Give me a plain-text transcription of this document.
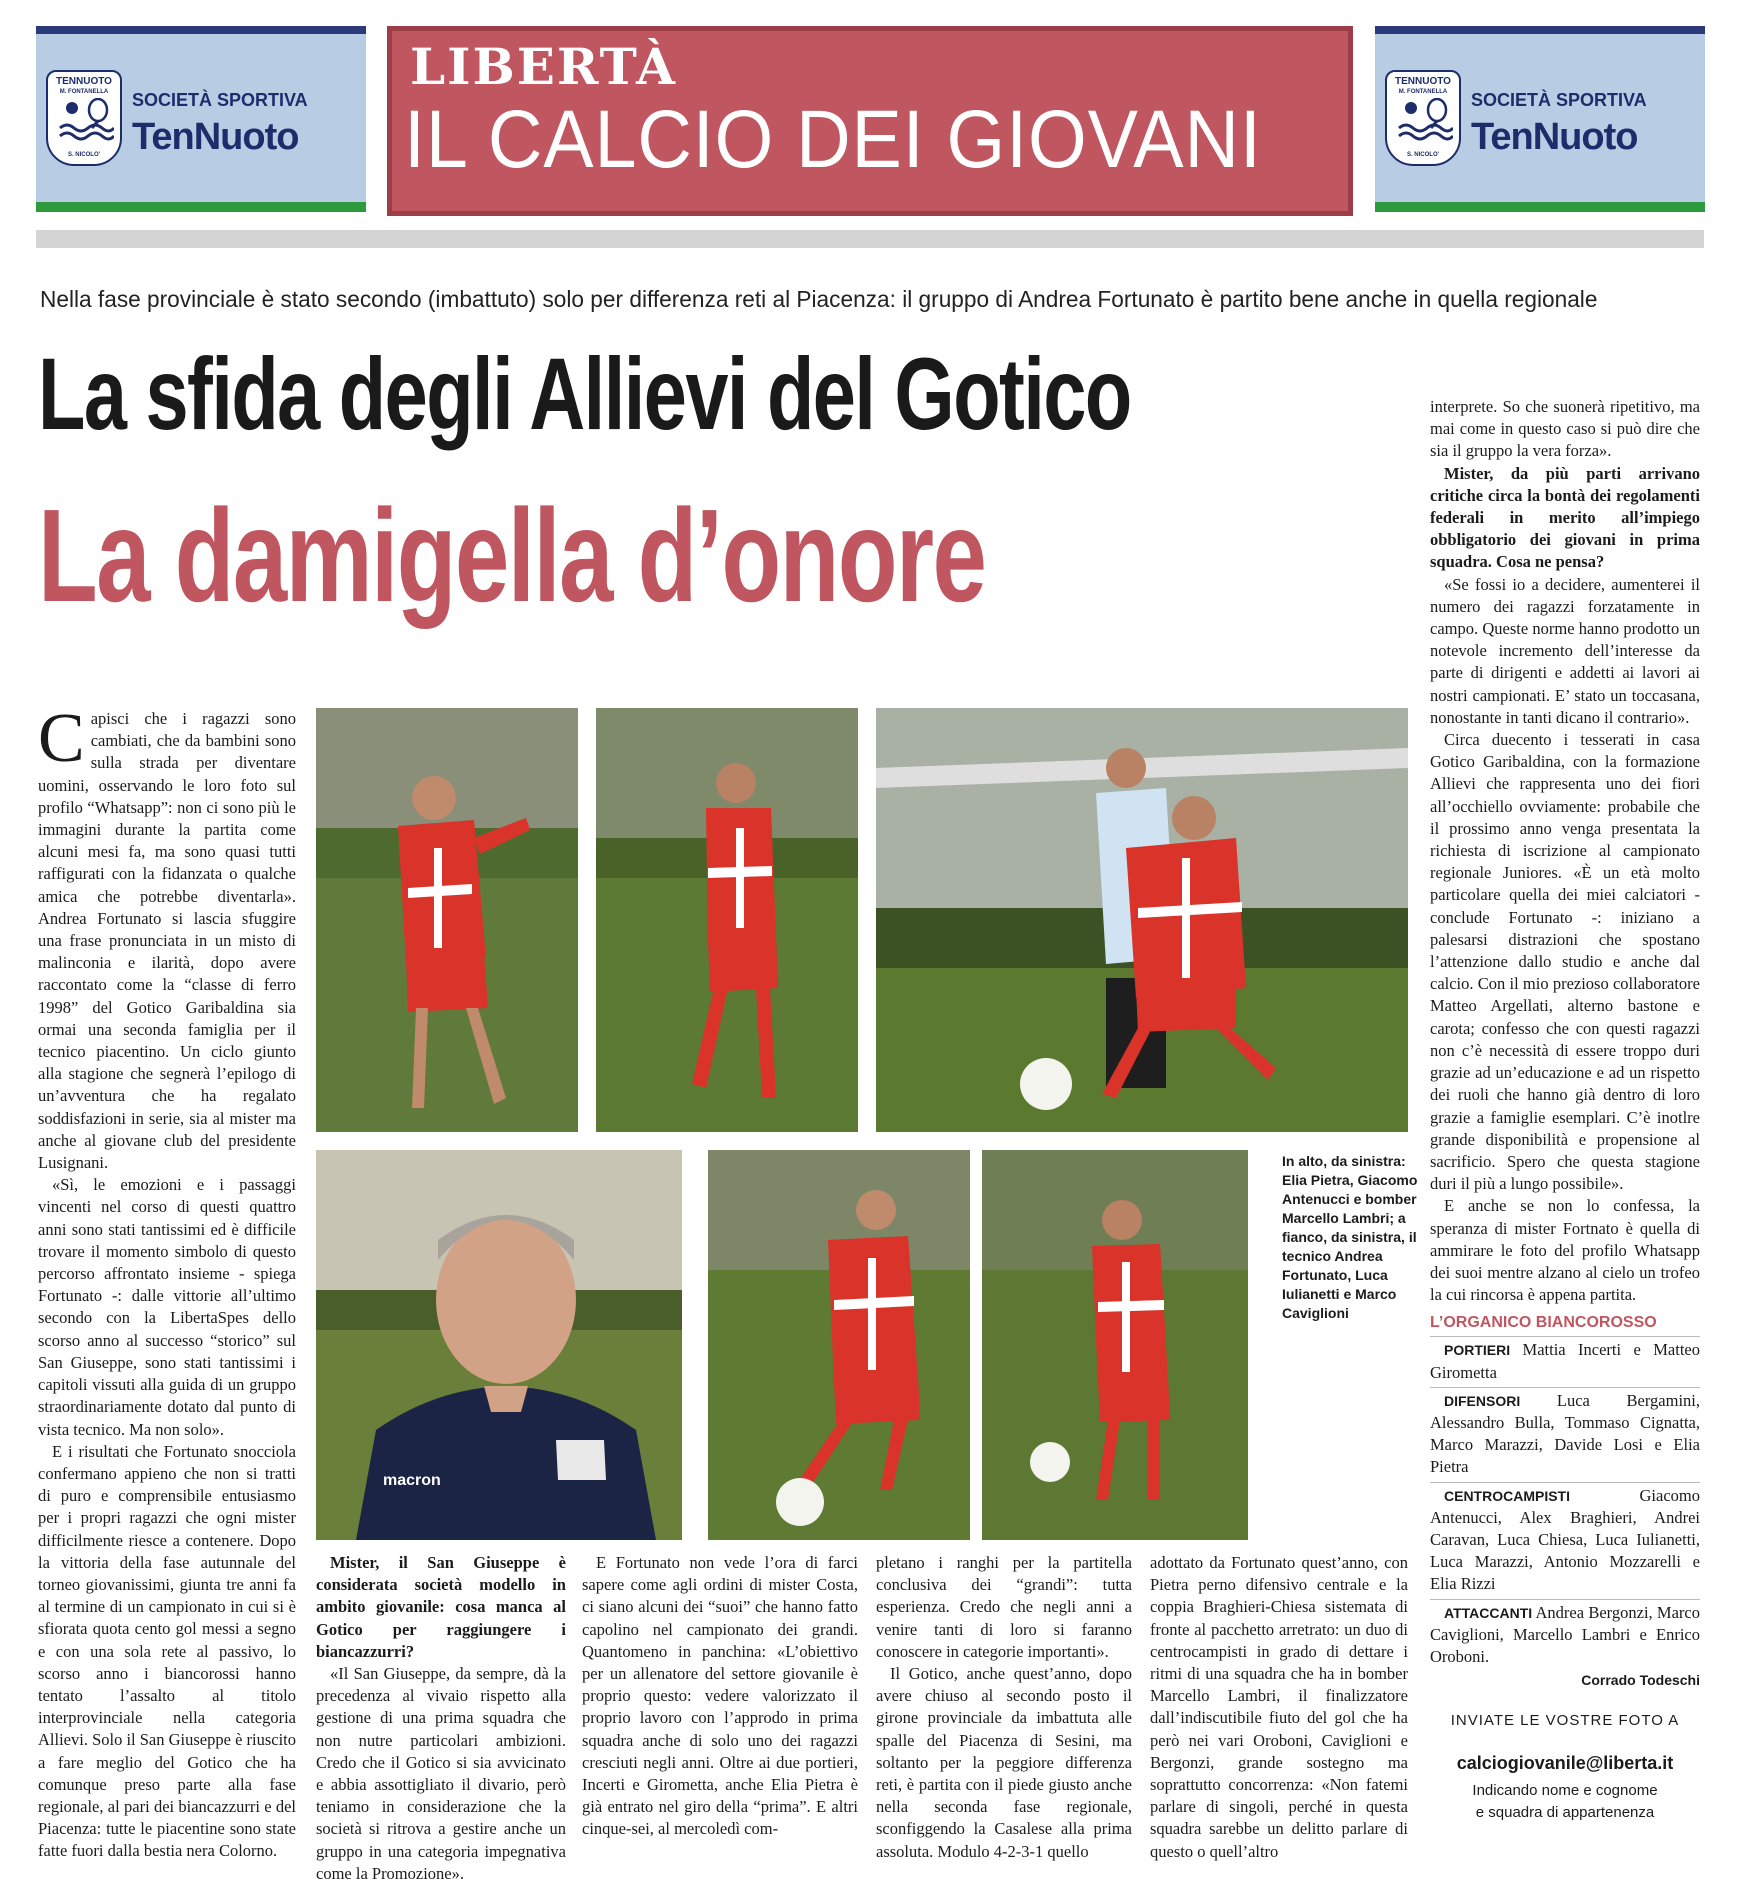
TENNUOTO
M. FONTANELLA
S. NICOLO'
SOCIETÀ SPORTIVA
TenNuoto
LIBERTÀ
IL CALCIO DEI GIOVANI
TENNUOTO
M. FONTANELLA
S. NICOLO'
SOCIETÀ SPORTIVA
TenNuoto
Nella fase provinciale è stato secondo (imbattuto) solo per differenza reti al Piacenza: il gruppo di Andrea Fortunato è partito bene anche in quella regionale
La sfida degli Allievi del Gotico
La damigella d’onore

Capisci che i ragazzi sono cambiati, che da bambini sono sulla strada per diventare uomini, osservando le loro foto sul profilo “Whatsapp”: non ci sono più le immagini durante la partita come alcuni mesi fa, ma sono quasi tutti raffigurati con la fidanzata o qualche amica che potrebbe diventarla». Andrea Fortunato si lascia sfuggire una frase pronunciata in un misto di malinconia e ilarità, dopo avere raccontato come la “classe di ferro 1998” del Gotico Garibaldina sia ormai una seconda famiglia per il tecnico piacentino. Un ciclo giunto alla stagione che segnerà l’epilogo di un’avventura che ha regalato soddisfazioni in serie, sia al mister ma anche al giovane club del presidente Lusignani.

«Sì, le emozioni e i passaggi vincenti nel corso di questi quattro anni sono stati tantissimi ed è difficile trovare il momento simbolo di questo percorso affrontato insieme - spiega Fortunato -: dalle vittorie all’ultimo secondo con la LibertaSpes dello scorso anno al successo “storico” sul San Giuseppe, sono stati tantissimi i capitoli vissuti alla guida di un gruppo straordinariamente dotato dal punto di vista tecnico. Ma non solo».

E i risultati che Fortunato snocciola confermano appieno che non si tratti di puro e comprensibile entusiasmo per i propri ragazzi che ogni mister difficilmente riesce a contenere. Dopo la vittoria della fase autunnale del torneo giovanissimi, giunta tre anni fa al termine di un campionato in cui si è sfiorata quota cento gol messi a segno e con una sola rete al passivo, lo scorso anno i biancorossi hanno tentato l’assalto al titolo interprovinciale nella categoria Allievi. Solo il San Giuseppe è riuscito a fare meglio del Gotico che ha comunque preso parte alla fase regionale, al pari dei biancazzurri e del Piacenza: tutte le piacentine sono state fatte fuori dalla bestia nera Colorno.

macron
In alto, da sinistra: Elia Pietra, Giacomo Antenucci e bomber Marcello Lambri; a fianco, da sinistra, il tecnico Andrea Fortunato, Luca Iulianetti e Marco Caviglioni

Mister, il San Giuseppe è considerata società modello in ambito giovanile: cosa manca al Gotico per raggiungere i biancazzurri?

«Il San Giuseppe, da sempre, dà la precedenza al vivaio rispetto alla gestione di una prima squadra che non nutre particolari ambizioni. Credo che il Gotico si sia avvicinato e abbia assottigliato il divario, però teniamo in considerazione che la società si ritrova a gestire anche un gruppo in una categoria impegnativa come la Promozione».

E Fortunato non vede l’ora di farci sapere come agli ordini di mister Costa, ci siano alcuni dei “suoi” che hanno fatto capolino nel campionato dei grandi. Quantomeno in panchina: «L’obiettivo per un allenatore del settore giovanile è proprio questo: vedere valorizzato il proprio lavoro con l’approdo in prima squadra anche di solo uno dei ragazzi cresciuti negli anni. Oltre ai due portieri, Incerti e Girometta, anche Elia Pietra è già entrato nel giro della “prima”. E altri cinque-sei, al mercoledì com-

pletano i ranghi per la partitella conclusiva dei “grandi”: tutta esperienza. Credo che negli anni a venire tanti di loro si faranno conoscere in categorie importanti».

Il Gotico, anche quest’anno, dopo avere chiuso al secondo posto il girone provinciale da imbattuta alle spalle del Piacenza di Sesini, ma soltanto per la peggiore differenza reti, è partita con il piede giusto anche nella seconda fase regionale, sconfiggendo la Casalese alla prima assoluta. Modulo 4-2-3-1 quello

adottato da Fortunato quest’anno, con Pietra perno difensivo centrale e la coppia Braghieri-Chiesa sistemata di fronte al pacchetto arretrato: un duo di centrocampisti in grado di dettare i ritmi di una squadra che ha in bomber Marcello Lambri, il finalizzatore dall’indiscutibile fiuto del gol che ha però nei vari Oroboni, Caviglioni e Bergonzi, grande sostegno ma soprattutto concorrenza: «Non fatemi parlare di singoli, perché in questa squadra sarebbe un delitto parlare di questo o quell’altro

interprete. So che suonerà ripetitivo, ma mai come in questo caso si può dire che sia il gruppo la vera forza».

Mister, da più parti arrivano critiche circa la bontà dei regolamenti federali in merito all’impiego obbligatorio dei giovani in prima squadra. Cosa ne pensa?

«Se fossi io a decidere, aumenterei il numero dei ragazzi forzatamente in campo. Queste norme hanno prodotto un notevole incremento dell’interesse da parte di dirigenti e addetti ai lavori ai nostri campionati. E’ stato un toccasana, nonostante in tanti dicano il contrario».

Circa duecento i tesserati in casa Gotico Garibaldina, con la formazione Allievi che rappresenta uno dei fiori all’occhiello ovviamente: probabile che il prossimo anno venga presentata la richiesta di iscrizione al campionato regionale Juniores. «È un età molto particolare quella dei miei calciatori - conclude Fortunato -: iniziano a palesarsi distrazioni che spostano l’attenzione dallo studio e anche dal calcio. Con il mio prezioso collaboratore Matteo Argellati, alterno bastone e carota; confesso che con questi ragazzi non c’è necessità di essere troppo duri grazie ad un’educazione e ad un rispetto dei ruoli che hanno già dentro di loro grazie a famiglie esemplari. C’è inotlre grande disponibilità e propensione al sacrificio. Spero che questa stagione duri il più a lungo possibile».

E anche se non lo confessa, la speranza di mister Fortnato è quella di ammirare le foto del profilo Whatsapp dei suoi mentre alzano al cielo un trofeo la cui rincorsa è appena partita.

L’ORGANICO BIANCOROSSO

PORTIERI Mattia Incerti e Matteo Girometta

DIFENSORI Luca Bergamini, Alessandro Bulla, Tommaso Cignatta, Marco Marazzi, Davide Losi e Elia Pietra

CENTROCAMPISTI	Giacomo Antenucci, Alex Braghieri, Andrei Caravan, Luca Chiesa, Luca Iulianetti, Luca Marazzi, Antonio Mozzarelli e Elia Rizzi

ATTACCANTI Andrea Bergonzi, Marco Caviglioni, Marcello Lambri e Enrico Oroboni.

Corrado Todeschi
INVIATE LE VOSTRE FOTO A
calciogiovanile@liberta.it
Indicando nome e cognome
e squadra di appartenenza
